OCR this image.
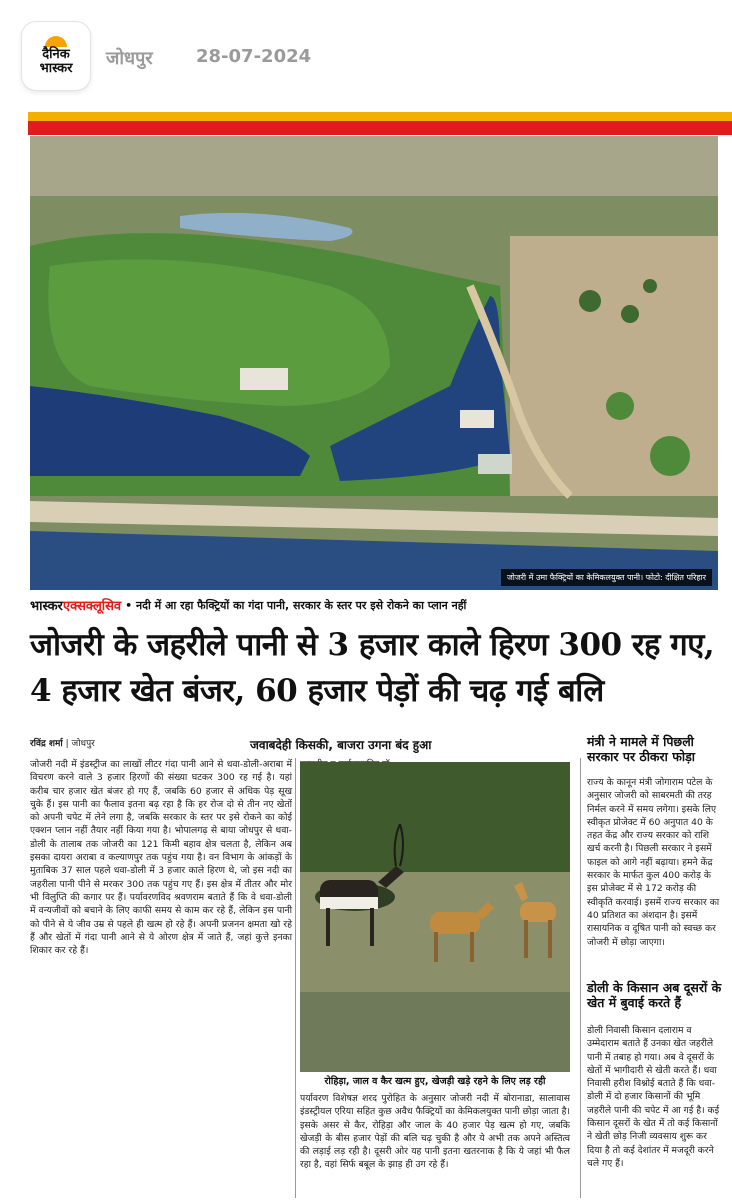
दैनिक
भास्कर जोधपुर 28-07-2024
जोजरी में उमा फैक्ट्रियों का केमिकलयुक्त पानी। फोटो: दीक्षित परिहार
भास्कर एक्सक्लूसिव • नदी में आ रहा फैक्ट्रियों का गंदा पानी, सरकार के स्तर पर इसे रोकने का प्लान नहीं
जोजरी के जहरीले पानी से 3 हजार काले हिरण 300 रह गए, 4 हजार खेत बंजर, 60 हजार पेड़ों की चढ़ गई बलि
रविंद्र शर्मा | जोधपुर	जवाबदेही किसकी, बाजरा उगना बंद हुआ

जोजरी नदी में इंडस्ट्रीज का लाखों लीटर गंदा पानी आने से धवा-डोली-अराबा में विचरण करने वाले 3 हजार हिरणों की संख्या घटकर 300 रह गई है। यहां करीब चार हजार खेत बंजर हो गए हैं, जबकि 60 हजार से अधिक पेड़ सूख चुके हैं। इस पानी का फैलाव इतना बढ़ रहा है कि हर रोज दो से तीन नए खेतों को अपनी चपेट में लेने लगा है, जबकि सरकार के स्तर पर इसे रोकने का कोई एक्शन प्लान नहीं तैयार नहीं किया गया है। भोपालगढ़ से बाया जोधपुर से धवा-डोली के तालाब तक जोजरी का 121 किमी बहाव क्षेत्र चलता है, लेकिन अब इसका दायरा अराबा व कल्याणपुर तक पहुंच गया है। वन विभाग के आंकड़ों के मुताबिक 37 साल पहले धवा-डोली में 3 हजार काले हिरण थे, जो इस नदी का जहरीला पानी पीने से मरकर 300 तक पहुंच गए हैं। इस क्षेत्र में तीतर और मोर भी विलुप्ति की कगार पर हैं। पर्यावरणविद श्रवणराम बताते हैं कि वे धवा-डोली में वन्यजीवों को बचाने के लिए काफी समय से काम कर रहे हैं, लेकिन इस पानी को पीने से ये जीव उम्र से पहले ही खत्म हो रहे हैं। अपनी प्रजनन क्षमता खो रहे हैं और खेतों में गंदा पानी आने से ये ओरण क्षेत्र में जाते हैं, जहां कुत्ते इनका शिकार कर रहे हैं।

रोहिड़ा, जाल व कैर खत्म हुए, खेजड़ी खड़े रहने के लिए लड़ रही

पर्यावरण विशेषज्ञ शरद पुरोहित के अनुसार जोजरी नदी में बोरानाडा, सालावास इंडस्ट्रीयल एरिया सहित कुछ अवैध फैक्ट्रियों का केमिकलयुक्त पानी छोड़ा जाता है। इसके असर से कैर, रोहिड़ा और जाल के 40 हजार पेड़ खत्म हो गए, जबकि खेजड़ी के बीस हजार पेड़ों की बलि चढ़ चुकी है और ये अभी तक अपने अस्तित्व की लड़ाई लड़ रही है। दूसरी ओर यह पानी इतना खतरनाक है कि ये जहां भी फैल रहा है, वहां सिर्फ बबूल के झाड़ ही उग रहे हैं।

मंत्री ने मामले में पिछली सरकार पर ठीकरा फोड़ा
राज्य के कानून मंत्री जोगाराम पटेल के अनुसार जोजरी को साबरमती की तरह निर्मल करने में समय लगेगा। इसके लिए स्वीकृत प्रोजेक्ट में 60 अनुपात 40 के तहत केंद्र और राज्य सरकार को राशि खर्च करनी है। पिछली सरकार ने इसमें फाइल को आगे नहीं बढ़ाया। हमने केंद्र सरकार के मार्फत कुल 400 करोड़ के इस प्रोजेक्ट में से 172 करोड़ की स्वीकृति करवाई। इसमें राज्य सरकार का 40 प्रतिशत का अंशदान है। इसमें रासायनिक व दूषित पानी को स्वच्छ कर जोजरी में छोड़ा जाएगा।
डोली के किसान अब दूसरों के खेत में बुवाई करते हैं
डोली निवासी किसान दलाराम व उम्मेदाराम बताते हैं उनका खेत जहरीले पानी में तबाह हो गया। अब वे दूसरों के खेतों में भागीदारी से खेती करते हैं। धवा निवासी हरीश विश्नोई बताते हैं कि धवा-डोली में दो हजार किसानों की भूमि जहरीले पानी की चपेट में आ गई है। कई किसान दूसरों के खेत में तो कई किसानों ने खेती छोड़ निजी व्यवसाय शुरू कर दिया है तो कई देशांतर में मजदूरी करने चले गए हैं।
